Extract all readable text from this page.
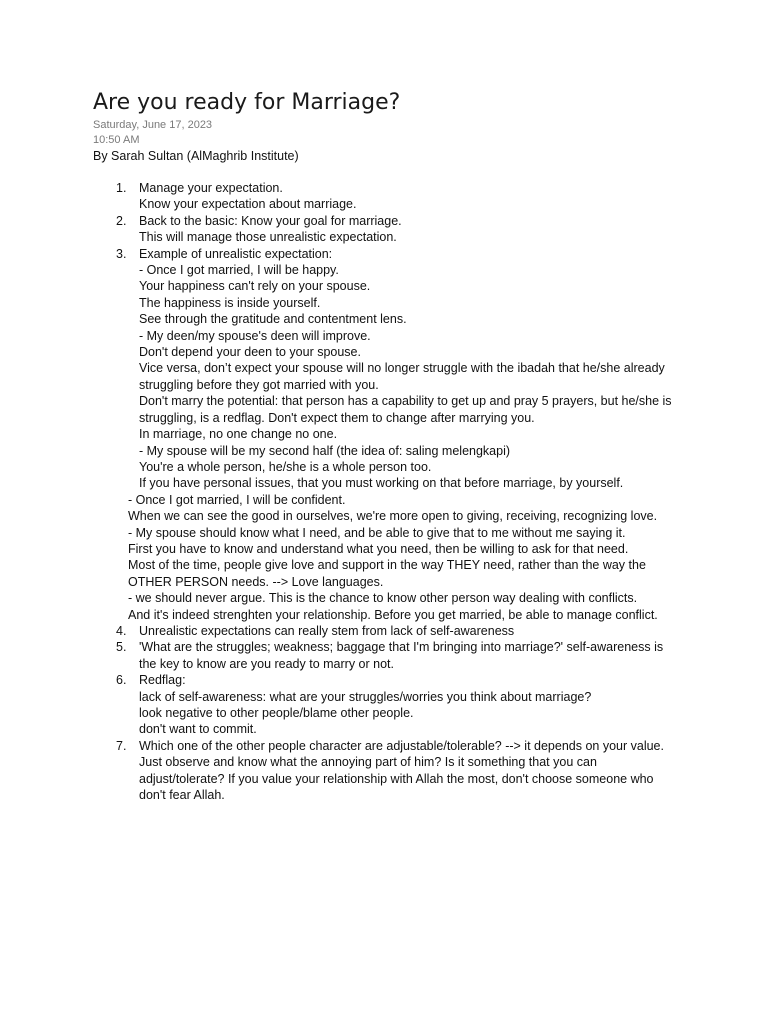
Are you ready for Marriage?
Saturday, June 17, 2023
10:50 AM
By Sarah Sultan (AlMaghrib Institute)
1. Manage your expectation.
Know your expectation about marriage.
2. Back to the basic: Know your goal for marriage.
This will manage those unrealistic expectation.
3. Example of unrealistic expectation:
- Once I got married, I will be happy.
Your happiness can't rely on your spouse.
The happiness is inside yourself.
See through the gratitude and contentment lens.
- My deen/my spouse's deen will improve.
Don't depend your deen to your spouse.
Vice versa, don’t expect your spouse will no longer struggle with the ibadah that he/she already struggling before they got married with you.
Don't marry the potential: that person has a capability to get up and pray 5 prayers, but he/she is struggling, is a redflag. Don't expect them to change after marrying you.
In marriage, no one change no one.
- My spouse will be my second half (the idea of: saling melengkapi)
You're a whole person, he/she is a whole person too.
If you have personal issues, that you must working on that before marriage, by yourself.
- Once I got married, I will be confident.
When we can see the good in ourselves, we're more open to giving, receiving, recognizing love.
- My spouse should know what I need, and be able to give that to me without me saying it.
First you have to know and understand what you need, then be willing to ask for that need.
Most of the time, people give love and support in the way THEY need, rather than the way the OTHER PERSON needs. --> Love languages.
- we should never argue. This is the chance to know other person way dealing with conflicts.
And it's indeed strenghten your relationship. Before you get married, be able to manage conflict.
4. Unrealistic expectations can really stem from lack of self-awareness
5. 'What are the struggles; weakness; baggage that I'm bringing into marriage?' self-awareness is the key to know are you ready to marry or not.
6. Redflag:
lack of self-awareness: what are your struggles/worries you think about marriage?
look negative to other people/blame other people.
don't want to commit.
7. Which one of the other people character are adjustable/tolerable? --> it depends on your value. Just observe and know what the annoying part of him? Is it something that you can adjust/tolerate? If you value your relationship with Allah the most, don't choose someone who don't fear Allah.
